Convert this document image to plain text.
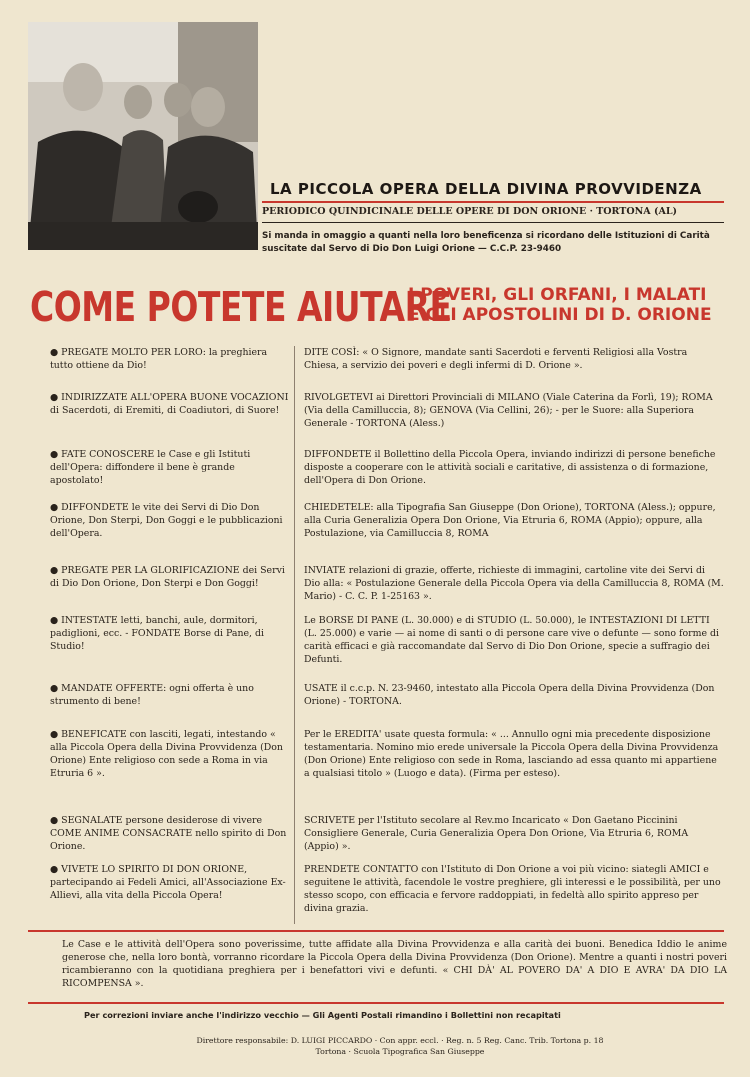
LA PICCOLA OPERA DELLA DIVINA PROVVIDENZA
PERIODICO QUINDICINALE DELLE OPERE DI DON ORIONE · TORTONA (AL)
Si manda in omaggio a quanti nella loro beneficenza si ricordano delle Istituzioni di Carità suscitate dal Servo di Dio Don Luigi Orione — C.C.P. 23-9460
COME POTETE AIUTARE
I POVERI, GLI ORFANI, I MALATI
E GLI APOSTOLINI DI D. ORIONE
● PREGATE MOLTO PER LORO: la preghiera tutto ottiene da Dio!
● INDIRIZZATE ALL'OPERA BUONE VOCAZIONI di Sacerdoti, di Eremiti, di Coadiutori, di Suore!
● FATE CONOSCERE le Case e gli Istituti dell'Opera: diffondere il bene è grande apostolato!
● DIFFONDETE le vite dei Servi di Dio Don Orione, Don Sterpi, Don Goggi e le pubblicazioni dell'Opera.
● PREGATE PER LA GLORIFICAZIONE dei Servi di Dio Don Orione, Don Sterpi e Don Goggi!
● INTESTATE letti, banchi, aule, dormitori, padiglioni, ecc. - FONDATE Borse di Pane, di Studio!
● MANDATE OFFERTE: ogni offerta è uno strumento di bene!
● BENEFICATE con lasciti, legati, intestando « alla Piccola Opera della Divina Provvidenza (Don Orione) Ente religioso con sede a Roma in via Etruria 6 ».
● SEGNALATE persone desiderose di vivere COME ANIME CONSACRATE nello spirito di Don Orione.
● VIVETE LO SPIRITO DI DON ORIONE, partecipando ai Fedeli Amici, all'Associazione Ex-Allievi, alla vita della Piccola Opera!
DITE COSÌ: « O Signore, mandate santi Sacerdoti e ferventi Religiosi alla Vostra Chiesa, a servizio dei poveri e degli infermi di D. Orione ».
RIVOLGETEVI ai Direttori Provinciali di MILANO (Viale Caterina da Forlì, 19); ROMA (Via della Camilluccia, 8); GENOVA (Via Cellini, 26); - per le Suore: alla Superiora Generale - TORTONA (Aless.)
DIFFONDETE il Bollettino della Piccola Opera, inviando indirizzi di persone benefiche disposte a cooperare con le attività sociali e caritative, di assistenza o di formazione, dell'Opera di Don Orione.
CHIEDETELE: alla Tipografia San Giuseppe (Don Orione), TORTONA (Aless.); oppure, alla Curia Generalizia Opera Don Orione, Via Etruria 6, ROMA (Appio); oppure, alla Postulazione, via Camilluccia 8, ROMA
INVIATE relazioni di grazie, offerte, richieste di immagini, cartoline vite dei Servi di Dio alla: « Postulazione Generale della Piccola Opera via della Camilluccia 8, ROMA (M. Mario) - C. C. P. 1-25163 ».
Le BORSE DI PANE (L. 30.000) e di STUDIO (L. 50.000), le INTESTAZIONI DI LETTI (L. 25.000) e varie — ai nome di santi o di persone care vive o defunte — sono forme di carità efficaci e già raccomandate dal Servo di Dio Don Orione, specie a suffragio dei Defunti.
USATE il c.c.p. N. 23-9460, intestato alla Piccola Opera della Divina Provvidenza (Don Orione) - TORTONA.
Per le EREDITA' usate questa formula: « ... Annullo ogni mia precedente disposizione testamentaria. Nomino mio erede universale la Piccola Opera della Divina Provvidenza (Don Orione) Ente religioso con sede in Roma, lasciando ad essa quanto mi appartiene a qualsiasi titolo » (Luogo e data). (Firma per esteso).
SCRIVETE per l'Istituto secolare al Rev.mo Incaricato « Don Gaetano Piccinini Consigliere Generale, Curia Generalizia Opera Don Orione, Via Etruria 6, ROMA (Appio) ».
PRENDETE CONTATTO con l'Istituto di Don Orione a voi più vicino: siategli AMICI e seguitene le attività, facendole le vostre preghiere, gli interessi e le possibilità, per uno stesso scopo, con efficacia e fervore raddoppiati, in fedeltà allo spirito appreso per divina grazia.
Le Case e le attività dell'Opera sono poverissime, tutte affidate alla Divina Provvidenza e alla carità dei buoni. Benedica Iddio le anime generose che, nella loro bontà, vorranno ricordare la Piccola Opera della Divina Provvidenza (Don Orione). Mentre a quanti i nostri poveri ricambieranno con la quotidiana preghiera per i benefattori vivi e defunti. « CHI DÀ' AL POVERO DA' A DIO E AVRA' DA DIO LA RICOMPENSA ».
Per correzioni inviare anche l'indirizzo vecchio — Gli Agenti Postali rimandino i Bollettini non recapitati
Direttore responsabile: D. LUIGI PICCARDO · Con appr. eccl. · Reg. n. 5 Reg. Canc. Trib. Tortona p. 18
Tortona · Scuola Tipografica San Giuseppe
